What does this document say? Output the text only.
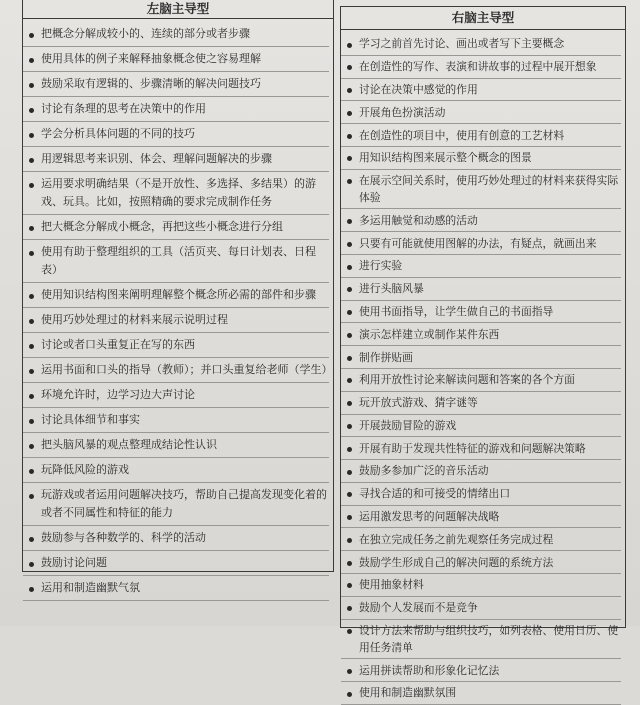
左脑主导型
把概念分解成较小的、连续的部分或者步骤
使用具体的例子来解释抽象概念使之容易理解
鼓励采取有逻辑的、步骤清晰的解决问题技巧
讨论有条理的思考在决策中的作用
学会分析具体问题的不同的技巧
用逻辑思考来识别、体会、理解问题解决的步骤
运用要求明确结果（不是开放性、多选择、多结果）的游戏、玩具。比如，按照精确的要求完成制作任务
把大概念分解成小概念，再把这些小概念进行分组
使用有助于整理组织的工具（活页夹、每日计划表、日程表）
使用知识结构图来阐明理解整个概念所必需的部件和步骤
使用巧妙处理过的材料来展示说明过程
讨论或者口头重复正在写的东西
运用书面和口头的指导（教师）；并口头重复给老师（学生）
环境允许时，边学习边大声讨论
讨论具体细节和事实
把头脑风暴的观点整理成结论性认识
玩降低风险的游戏
玩游戏或者运用问题解决技巧，帮助自己提高发现变化着的或者不同属性和特征的能力
鼓励参与各种数学的、科学的活动
鼓励讨论问题
运用和制造幽默气氛
右脑主导型
学习之前首先讨论、画出或者写下主要概念
在创造性的写作、表演和讲故事的过程中展开想象
讨论在决策中感觉的作用
开展角色扮演活动
在创造性的项目中，使用有创意的工艺材料
用知识结构图来展示整个概念的图景
在展示空间关系时，使用巧妙处理过的材料来获得实际体验
多运用触觉和动感的活动
只要有可能就使用图解的办法，有疑点，就画出来
进行实验
进行头脑风暴
使用书面指导，让学生做自己的书面指导
演示怎样建立或制作某件东西
制作拼贴画
利用开放性讨论来解读问题和答案的各个方面
玩开放式游戏、猜字谜等
开展鼓励冒险的游戏
开展有助于发现共性特征的游戏和问题解决策略
鼓励多参加广泛的音乐活动
寻找合适的和可接受的情绪出口
运用激发思考的问题解决战略
在独立完成任务之前先观察任务完成过程
鼓励学生形成自己的解决问题的系统方法
使用抽象材料
鼓励个人发展而不是竞争
设计方法来帮助与组织技巧，如列表格、使用日历、使用任务清单
运用拼读帮助和形象化记忆法
使用和制造幽默氛围
